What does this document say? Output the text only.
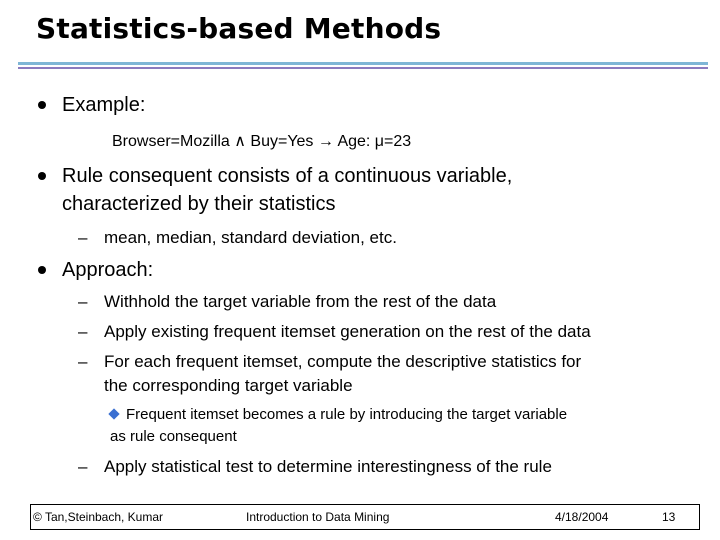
Statistics-based Methods
Example:
Browser=Mozilla ∧ Buy=Yes → Age: μ=23
Rule consequent consists of a continuous variable,
characterized by their statistics
– mean, median, standard deviation, etc.
Approach:
– Withhold the target variable from the rest of the data
– Apply existing frequent itemset generation on the rest of the data
– For each frequent itemset, compute the descriptive statistics for
the corresponding target variable
Frequent itemset becomes a rule by introducing the target variable
as rule consequent
– Apply statistical test to determine interestingness of the rule
© Tan,Steinbach, Kumar	Introduction to Data Mining	4/18/2004	13
